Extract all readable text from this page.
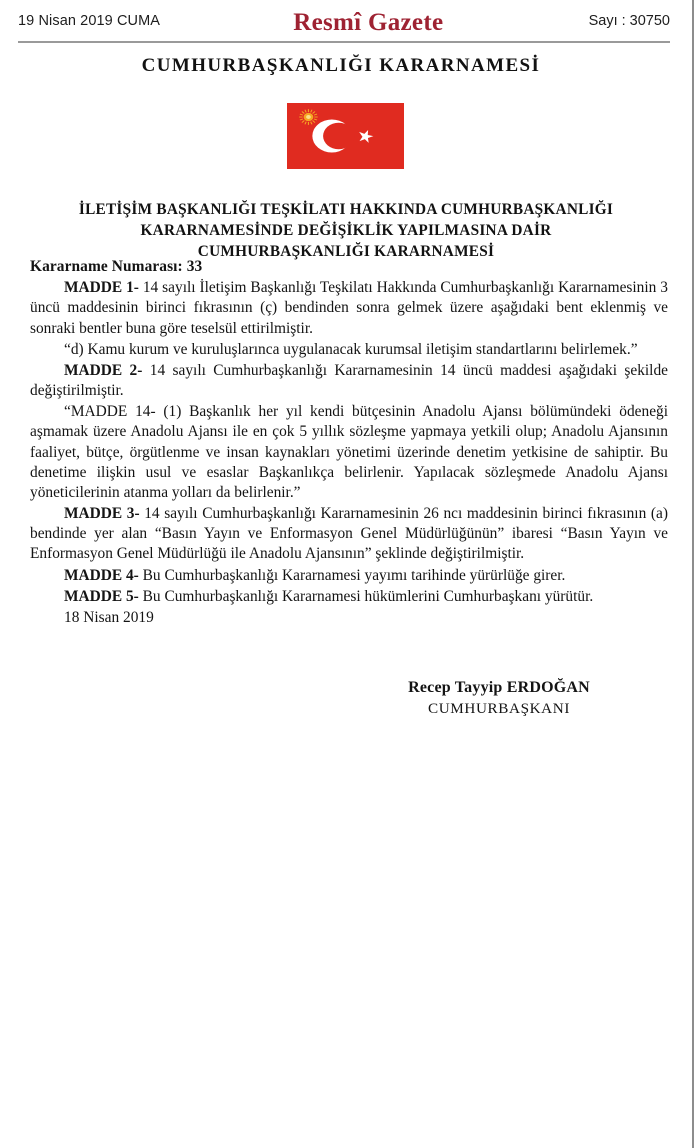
19 Nisan 2019 CUMA	Resmî Gazete	Sayı : 30750
CUMHURBAŞKANLIĞI KARARNAMESİ
İLETİŞİM BAŞKANLIĞI TEŞKİLATI HAKKINDA CUMHURBAŞKANLIĞI
KARARNAMESİNDE DEĞİŞİKLİK YAPILMASINA DAİR
CUMHURBAŞKANLIĞI KARARNAMESİ
Kararname Numarası: 33

MADDE 1- 14 sayılı İletişim Başkanlığı Teşkilatı Hakkında Cumhurbaşkanlığı Kararnamesinin 3 üncü maddesinin birinci fıkrasının (ç) bendinden sonra gelmek üzere aşağıdaki bent eklenmiş ve sonraki bentler buna göre teselsül ettirilmiştir.

“d) Kamu kurum ve kuruluşlarınca uygulanacak kurumsal iletişim standartlarını belirlemek.”

MADDE 2- 14 sayılı Cumhurbaşkanlığı Kararnamesinin 14 üncü maddesi aşağıdaki şekilde değiştirilmiştir.

“MADDE 14- (1) Başkanlık her yıl kendi bütçesinin Anadolu Ajansı bölümündeki ödeneği aşmamak üzere Anadolu Ajansı ile en çok 5 yıllık sözleşme yapmaya yetkili olup; Anadolu Ajansının faaliyet, bütçe, örgütlenme ve insan kaynakları yönetimi üzerinde denetim yetkisine de sahiptir. Bu denetime ilişkin usul ve esaslar Başkanlıkça belirlenir. Yapılacak sözleşmede Anadolu Ajansı yöneticilerinin atanma yolları da belirlenir.”

MADDE 3- 14 sayılı Cumhurbaşkanlığı Kararnamesinin 26 ncı maddesinin birinci fıkrasının (a) bendinde yer alan “Basın Yayın ve Enformasyon Genel Müdürlüğünün” ibaresi “Basın Yayın ve Enformasyon Genel Müdürlüğü ile Anadolu Ajansının” şeklinde değiştirilmiştir.

MADDE 4- Bu Cumhurbaşkanlığı Kararnamesi yayımı tarihinde yürürlüğe girer.

MADDE 5- Bu Cumhurbaşkanlığı Kararnamesi hükümlerini Cumhurbaşkanı yürütür.

18 Nisan 2019

Recep Tayyip ERDOĞAN
CUMHURBAŞKANI
